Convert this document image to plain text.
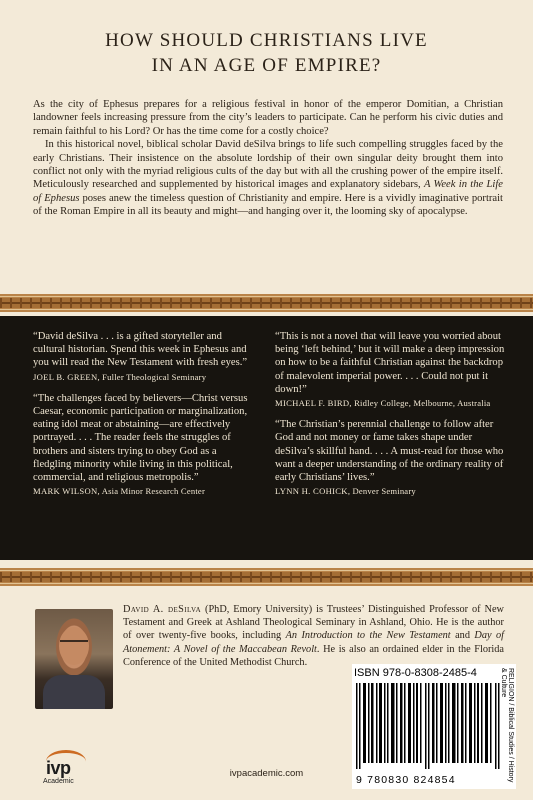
HOW SHOULD CHRISTIANS LIVE
IN AN AGE OF EMPIRE?

As the city of Ephesus prepares for a religious festival in honor of the emperor Domitian, a Christian landowner feels increasing pressure from the city’s leaders to participate. Can he perform his civic duties and remain faithful to his Lord? Or has the time come for a costly choice?

In this historical novel, biblical scholar David deSilva brings to life such compelling struggles faced by the early Christians. Their insistence on the absolute lordship of their own singular deity brought them into conflict not only with the myriad religious cults of the day but with all the crushing power of the empire itself. Meticulously researched and supplemented by historical images and explanatory sidebars, A Week in the Life of Ephesus poses anew the timeless question of Christianity and empire. Here is a vividly imaginative portrait of the Roman Empire in all its beauty and might—and hanging over it, the looming sky of apocalypse.

“David deSilva . . . is a gifted storyteller and cultural historian. Spend this week in Ephesus and you will read the New Testament with fresh eyes.”

JOEL B. GREEN, Fuller Theological Seminary

“The challenges faced by believers—Christ versus Caesar, economic participation or marginalization, eating idol meat or abstaining—are effectively portrayed. . . . The reader feels the struggles of brothers and sisters trying to obey God as a fledgling minority while living in this political, commercial, and religious metropolis.”

MARK WILSON, Asia Minor Research Center

“This is not a novel that will leave you worried about being ‘left behind,’ but it will make a deep impression on how to be a faithful Christian against the backdrop of malevolent imperial power. . . . Could not put it down!”

MICHAEL F. BIRD, Ridley College, Melbourne, Australia

“The Christian’s perennial challenge to follow after God and not money or fame takes shape under deSilva’s skillful hand. . . . A must-read for those who want a deeper understanding of the ordinary reality of early Christians’ lives.”

LYNN H. COHICK, Denver Seminary

David A. deSilva (PhD, Emory University) is Trustees’ Distinguished Professor of New Testament and Greek at Ashland Theological Seminary in Ashland, Ohio. He is the author of over twenty-five books, including An Introduction to the New Testament and Day of Atonement: A Novel of the Maccabean Revolt. He is also an ordained elder in the Florida Conference of the United Methodist Church.
ISBN 978-0-8308-2485-4
9 780830 824854	RELIGION / Biblical Studies / History & Culture
ivp
Academic
ivpacademic.com
